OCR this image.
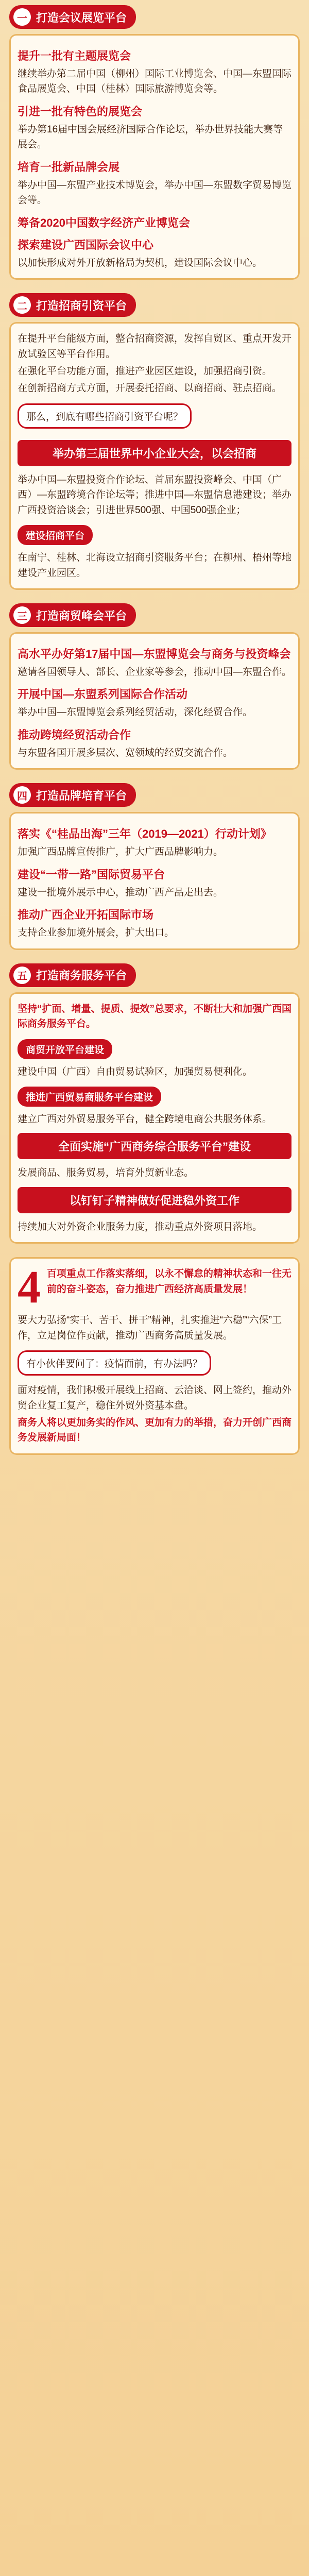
一 打造会议展览平台
提升一批有主题展览会
继续举办第二届中国（柳州）国际工业博览会、中国—东盟国际食品展览会、中国（桂林）国际旅游博览会等。
引进一批有特色的展览会
举办第16届中国会展经济国际合作论坛，举办世界技能大赛等展会。
培育一批新品牌会展
举办中国—东盟产业技术博览会，举办中国—东盟数字贸易博览会等。
筹备2020中国数字经济产业博览会
探索建设广西国际会议中心
以加快形成对外开放新格局为契机，建设国际会议中心。
二 打造招商引资平台
在提升平台能级方面，整合招商资源，发挥自贸区、重点开发开放试验区等平台作用。
在强化平台功能方面，推进产业园区建设，加强招商引资。
在创新招商方式方面，开展委托招商、以商招商、驻点招商。
那么，到底有哪些招商引资平台呢？
举办第三届世界中小企业大会，以会招商
举办中国—东盟投资合作论坛、首届东盟投资峰会、中国（广西）—东盟跨境合作论坛等；推进中国—东盟信息港建设；举办广西投资洽谈会；引进世界500强、中国500强企业；
建设招商平台
在南宁、桂林、北海设立招商引资服务平台；在柳州、梧州等地建设产业园区。
三 打造商贸峰会平台
高水平办好第17届中国—东盟博览会与商务与投资峰会
邀请各国领导人、部长、企业家等参会，推动中国—东盟合作。
开展中国—东盟系列国际合作活动
举办中国—东盟博览会系列经贸活动，深化经贸合作。
推动跨境经贸活动合作
与东盟各国开展多层次、宽领域的经贸交流合作。
四 打造品牌培育平台
落实《“桂品出海”三年（2019—2021）行动计划》
加强广西品牌宣传推广，扩大广西品牌影响力。
建设“一带一路”国际贸易平台
建设一批境外展示中心，推动广西产品走出去。
推动广西企业开拓国际市场
支持企业参加境外展会，扩大出口。
五 打造商务服务平台
坚持“扩面、增量、提质、提效”总要求，不断壮大和加强广西国际商务服务平台。
商贸开放平台建设
建设中国（广西）自由贸易试验区，加强贸易便利化。
推进广西贸易商服务平台建设
建立广西对外贸易服务平台，健全跨境电商公共服务体系。
全面实施“广西商务综合服务平台”建设
发展商品、服务贸易，培育外贸新业态。
以钉钉子精神做好促进稳外资工作
持续加大对外资企业服务力度，推动重点外资项目落地。
4 百项重点工作落实落细，以永不懈怠的精神状态和一往无前的奋斗姿态，奋力推进广西经济高质量发展！
要大力弘扬“实干、苦干、拼干”精神，扎实推进“六稳”“六保”工作，立足岗位作贡献，推动广西商务高质量发展。
有小伙伴要问了：疫情面前，有办法吗？
面对疫情，我们积极开展线上招商、云洽谈、网上签约，推动外贸企业复工复产，稳住外贸外资基本盘。
商务人将以更加务实的作风、更加有力的举措，奋力开创广西商务发展新局面！
